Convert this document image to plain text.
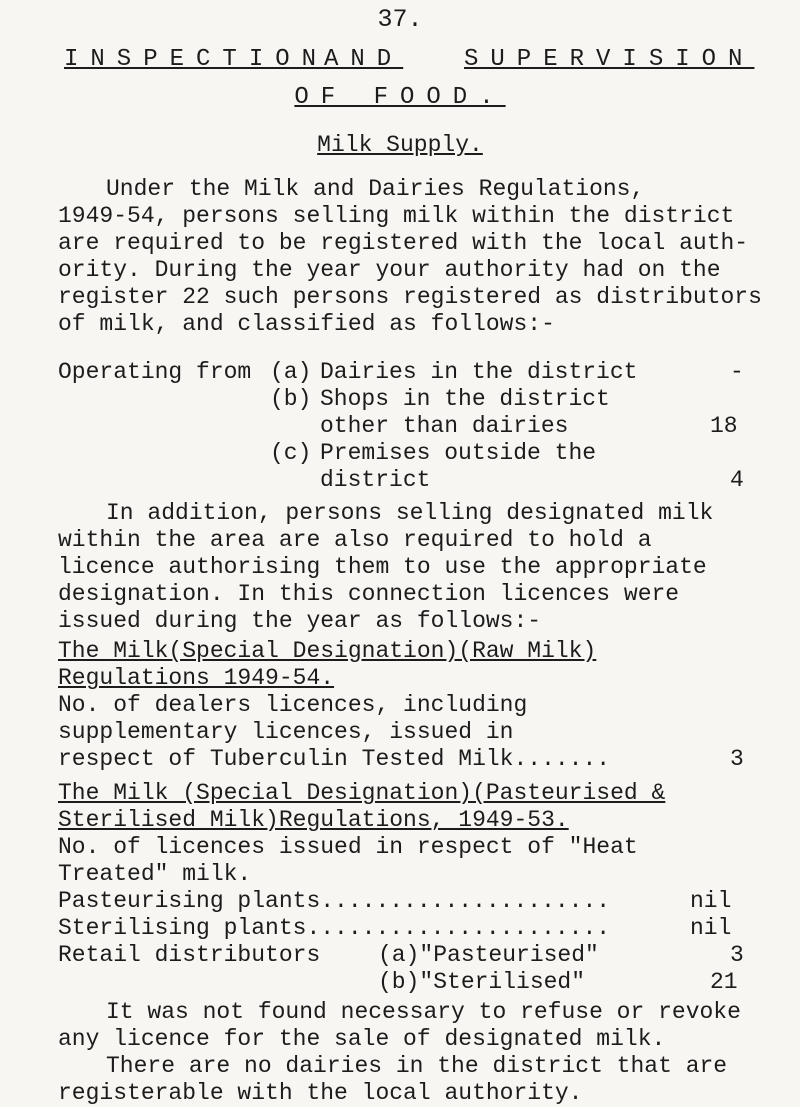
37.
INSPECTION
AND	SUPERVISION
OF FOOD.
Milk Supply.
Under the Milk and Dairies Regulations,
1949-54, persons selling milk within the district
are required to be registered with the local auth-
ority. During the year your authority had on the
register 22 such persons registered as distributors
of milk, and classified as follows:-
Operating from (a) Dairies in the district	-
(b) Shops in the district
other than dairies	18
(c) Premises outside the
district	4
In addition, persons selling designated milk
within the area are also required to hold a
licence authorising them to use the appropriate
designation. In this connection licences were
issued during the year as follows:-
The Milk(Special Designation)(Raw Milk)
Regulations 1949-54.
No. of dealers licences, including
supplementary licences, issued in
respect of Tuberculin Tested Milk.......	3
The Milk (Special Designation)(Pasteurised &
Sterilised Milk)Regulations, 1949-53.
No. of licences issued in respect of "Heat
Treated" milk.
Pasteurising plants.....................	nil
Sterilising plants......................	nil
Retail distributors	(a)"Pasteurised"	3
(b)"Sterilised"	21
It was not found necessary to refuse or revoke
any licence for the sale of designated milk.
There are no dairies in the district that are
registerable with the local authority.
